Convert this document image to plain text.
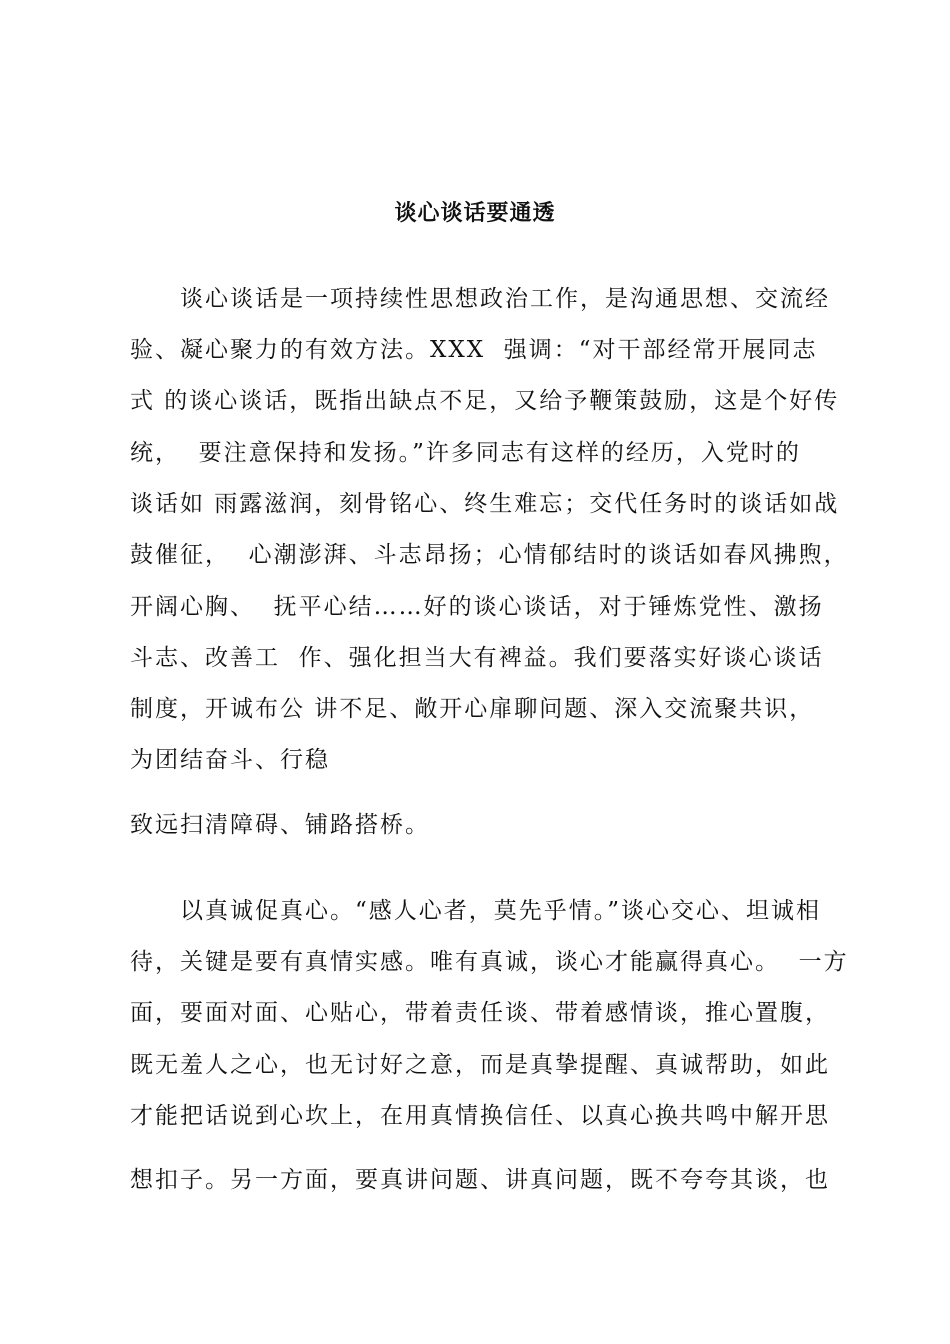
谈心谈话要通透
谈心谈话是一项持续性思想政治工作，是沟通思想、交流经
验、凝心聚力的有效方法。XXX  强调：“对干部经常开展同志
式 的谈心谈话，既指出缺点不足，又给予鞭策鼓励，这是个好传
统，  要注意保持和发扬。”许多同志有这样的经历，入党时的
谈话如 雨露滋润，刻骨铭心、终生难忘；交代任务时的谈话如战
鼓催征，  心潮澎湃、斗志昂扬；心情郁结时的谈话如春风拂煦，
开阔心胸、  抚平心结……好的谈心谈话，对于锤炼党性、激扬
斗志、改善工  作、强化担当大有裨益。我们要落实好谈心谈话
制度，开诚布公 讲不足、敞开心扉聊问题、深入交流聚共识，
为团结奋斗、行稳
致远扫清障碍、铺路搭桥。
以真诚促真心。“感人心者，莫先乎情。”谈心交心、坦诚相
待，关键是要有真情实感。唯有真诚，谈心才能赢得真心。  一方
面，要面对面、心贴心，带着责任谈、带着感情谈，推心置腹，
既无羞人之心，也无讨好之意，而是真挚提醒、真诚帮助，如此
才能把话说到心坎上，在用真情换信任、以真心换共鸣中解开思
想扣子。另一方面，要真讲问题、讲真问题，既不夸夸其谈，也
